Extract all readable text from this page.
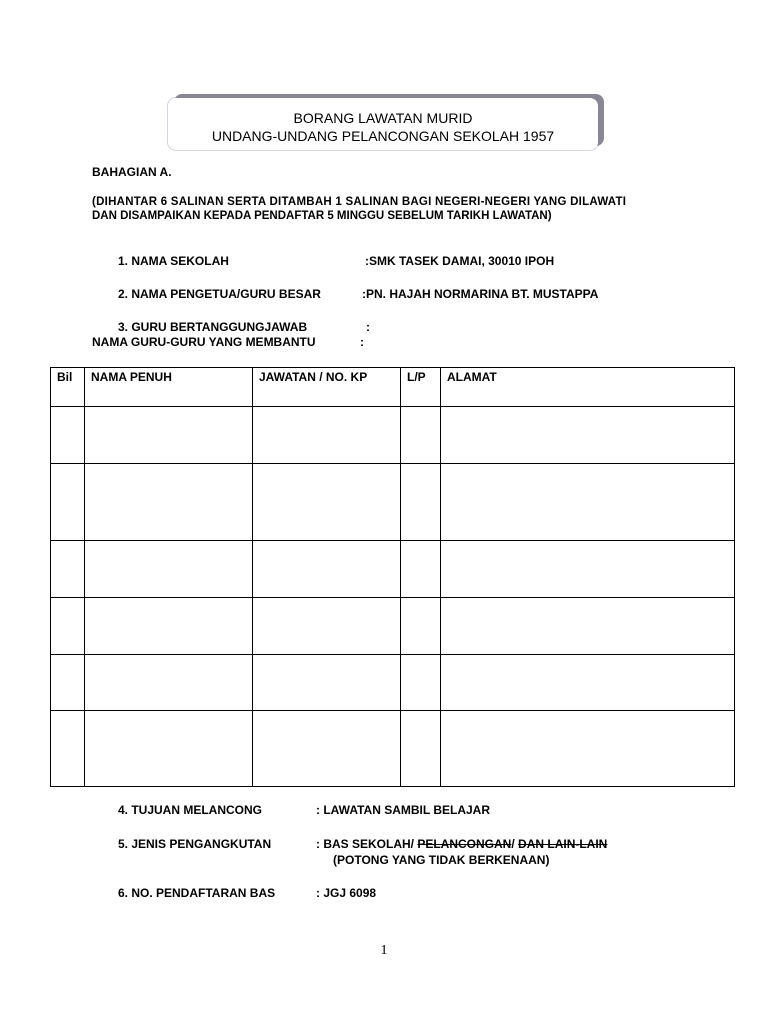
BORANG LAWATAN MURID
UNDANG-UNDANG PELANCONGAN SEKOLAH 1957
BAHAGIAN A.
(DIHANTAR 6 SALINAN SERTA DITAMBAH 1 SALINAN BAGI NEGERI-NEGERI YANG DILAWATI
DAN DISAMPAIKAN KEPADA PENDAFTAR 5 MINGGU SEBELUM TARIKH LAWATAN)
1. NAMA SEKOLAH	:SMK TASEK DAMAI, 30010 IPOH
2. NAMA PENGETUA/GURU BESAR	:PN. HAJAH NORMARINA BT. MUSTAPPA
3. GURU BERTANGGUNGJAWAB	:
NAMA GURU-GURU YANG MEMBANTU	:
Bil	NAMA PENUH	JAWATAN / NO. KP	L/P	ALAMAT

4. TUJUAN MELANCONG	: LAWATAN SAMBIL BELAJAR
5. JENIS PENGANGKUTAN	: BAS SEKOLAH/ PELANCONGAN/ DAN LAIN-LAIN
(POTONG YANG TIDAK BERKENAAN)
6. NO. PENDAFTARAN BAS	: JGJ 6098
1
